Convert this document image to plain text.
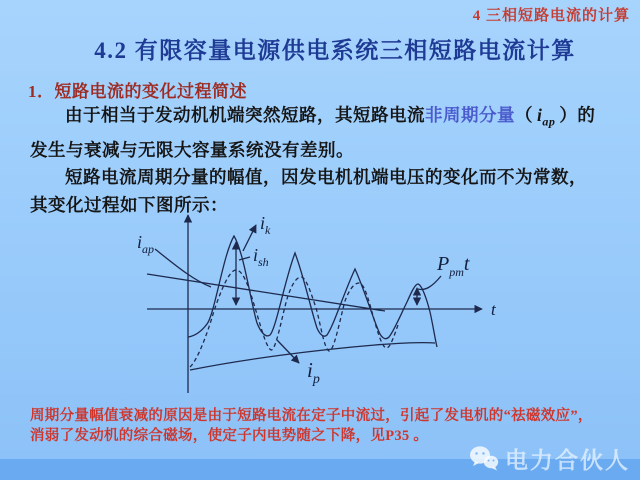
4 三相短路电流的计算
4.2 有限容量电源供电系统三相短路电流计算
1．短路电流的变化过程简述
由于相当于发动机机端突然短路，其短路电流非周期分量（ $i_{ap}$ ）的
发生与衰减与无限大容量系统没有差别。
短路电流周期分量的幅值，因发电机机端电压的变化而不为常数，
其变化过程如下图所示：
$i_k$
$i_{sh}$
$i_{ap}$
$i_p$
$P_{pm}t$
t
周期分量幅值衰减的原因是由于短路电流在定子中流过，引起了发电机的“祛磁效应”，
消弱了发动机的综合磁场，使定子内电势随之下降，见P35 。
电力合伙人
